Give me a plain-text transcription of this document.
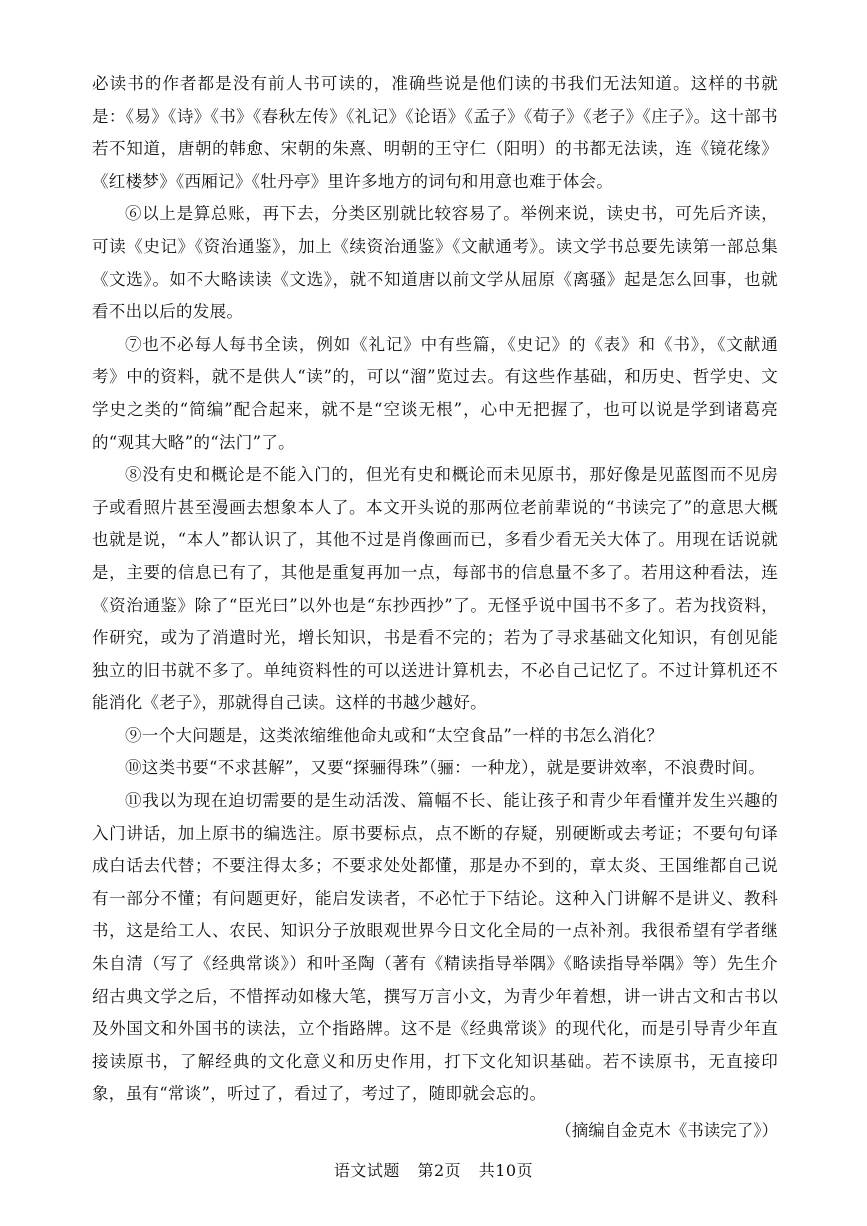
必读书的作者都是没有前人书可读的，准确些说是他们读的书我们无法知道。这样的书就是：《易》《诗》《书》《春秋左传》《礼记》《论语》《孟子》《荀子》《老子》《庄子》。这十部书若不知道，唐朝的韩愈、宋朝的朱熹、明朝的王守仁（阳明）的书都无法读，连《镜花缘》《红楼梦》《西厢记》《牡丹亭》里许多地方的词句和用意也难于体会。

⑥以上是算总账，再下去，分类区别就比较容易了。举例来说，读史书，可先后齐读，可读《史记》《资治通鉴》，加上《续资治通鉴》《文献通考》。读文学书总要先读第一部总集《文选》。如不大略读读《文选》，就不知道唐以前文学从屈原《离骚》起是怎么回事，也就看不出以后的发展。

⑦也不必每人每书全读，例如《礼记》中有些篇，《史记》的《表》和《书》，《文献通考》中的资料，就不是供人“读”的，可以“溜”览过去。有这些作基础，和历史、哲学史、文学史之类的“简编”配合起来，就不是“空谈无根”，心中无把握了，也可以说是学到诸葛亮的“观其大略”的“法门”了。

⑧没有史和概论是不能入门的，但光有史和概论而未见原书，那好像是见蓝图而不见房子或看照片甚至漫画去想象本人了。本文开头说的那两位老前辈说的“书读完了”的意思大概也就是说，“本人”都认识了，其他不过是肖像画而已，多看少看无关大体了。用现在话说就是，主要的信息已有了，其他是重复再加一点，每部书的信息量不多了。若用这种看法，连《资治通鉴》除了“臣光曰”以外也是“东抄西抄”了。无怪乎说中国书不多了。若为找资料，作研究，或为了消遣时光，增长知识，书是看不完的；若为了寻求基础文化知识，有创见能独立的旧书就不多了。单纯资料性的可以送进计算机去，不必自己记忆了。不过计算机还不能消化《老子》，那就得自己读。这样的书越少越好。

⑨一个大问题是，这类浓缩维他命丸或和“太空食品”一样的书怎么消化？

⑩这类书要“不求甚解”，又要“探骊得珠”（骊：一种龙），就是要讲效率，不浪费时间。

⑪我以为现在迫切需要的是生动活泼、篇幅不长、能让孩子和青少年看懂并发生兴趣的入门讲话，加上原书的编选注。原书要标点，点不断的存疑，别硬断或去考证；不要句句译成白话去代替；不要注得太多；不要求处处都懂，那是办不到的，章太炎、王国维都自己说有一部分不懂；有问题更好，能启发读者，不必忙于下结论。这种入门讲解不是讲义、教科书，这是给工人、农民、知识分子放眼观世界今日文化全局的一点补剂。我很希望有学者继朱自清（写了《经典常谈》）和叶圣陶（著有《精读指导举隅》《略读指导举隅》等）先生介绍古典文学之后，不惜挥动如椽大笔，撰写万言小文，为青少年着想，讲一讲古文和古书以及外国文和外国书的读法，立个指路牌。这不是《经典常谈》的现代化，而是引导青少年直接读原书，了解经典的文化意义和历史作用，打下文化知识基础。若不读原书，无直接印象，虽有“常谈”，听过了，看过了，考过了，随即就会忘的。

（摘编自金克木《书读完了》）

语文试题 第2页 共10页
